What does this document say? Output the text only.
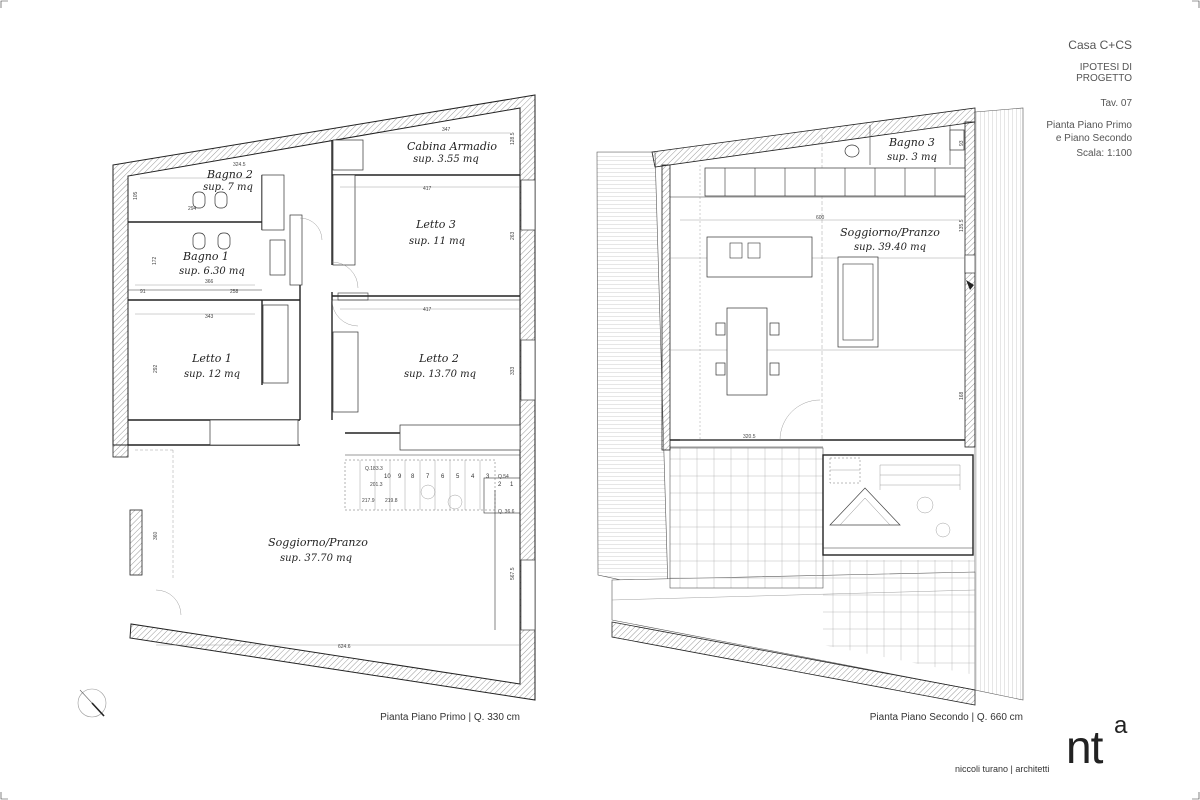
Casa C+CS
IPOTESI DI
PROGETTO
Tav. 07
Pianta Piano Primo
e Piano Secondo
Scala: 1:100
niccoli turano | architetti nt a
Bagno 2
sup. 7 mq
Cabina Armadio
sup. 3.55 mq
Letto 3
sup. 11 mq
Bagno 1
sup. 6.30 mq
Letto 1
sup. 12 mq
Letto 2
sup. 13.70 mq
Soggiorno/Pranzo
sup. 37.70 mq
347
324.5
128.5
417
294
105
263
172
91
366
258
343
417
292	333
Q.183.3
Q.54
201.3
217.9 219.8
Q. 36.6
360
567.5
624.6
10 9 8 7 6 5 4 3
2 1
Pianta Piano Primo | Q. 330 cm
Bagno 3
sup. 3 mq
Soggiorno/Pranzo
sup. 39.40 mq
600
135.5
93
168
320.5
Pianta Piano Secondo | Q. 660 cm
